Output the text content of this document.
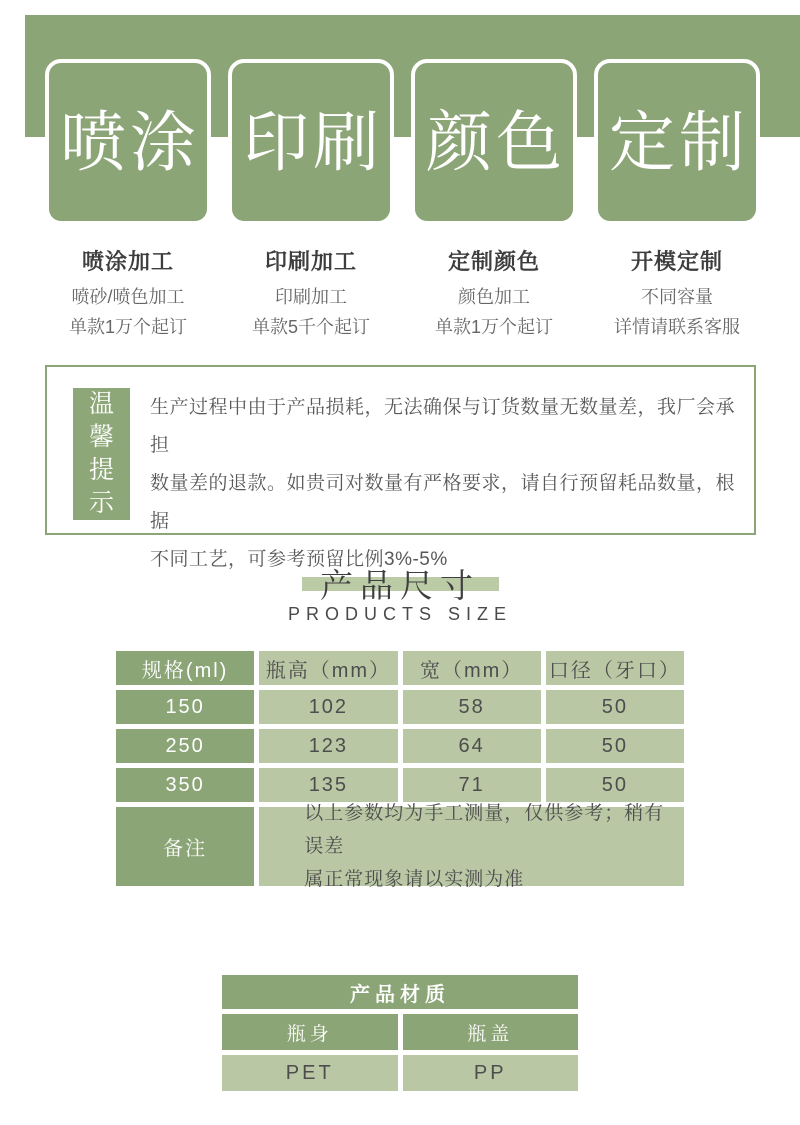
喷涂
喷涂加工
喷砂/喷色加工
单款1万个起订
印刷
印刷加工
印刷加工
单款5千个起订
颜色
定制颜色
颜色加工
单款1万个起订
定制
开模定制
不同容量
详情请联系客服
温
馨
提
示
生产过程中由于产品损耗，无法确保与订货数量无数量差，我厂会承担
数量差的退款。如贵司对数量有严格要求，请自行预留耗品数量，根据
不同工艺，可参考预留比例3%-5%
产品尺寸
PRODUCTS SIZE
规格(ml)	瓶高（mm）	宽（mm）	口径（牙口）
150	102	58	50
250	123	64	50
350	135	71	50
备注
以上参数均为手工测量，仅供参考；稍有误差
属正常现象请以实测为准
产品材质
瓶身	瓶盖
PET	PP
